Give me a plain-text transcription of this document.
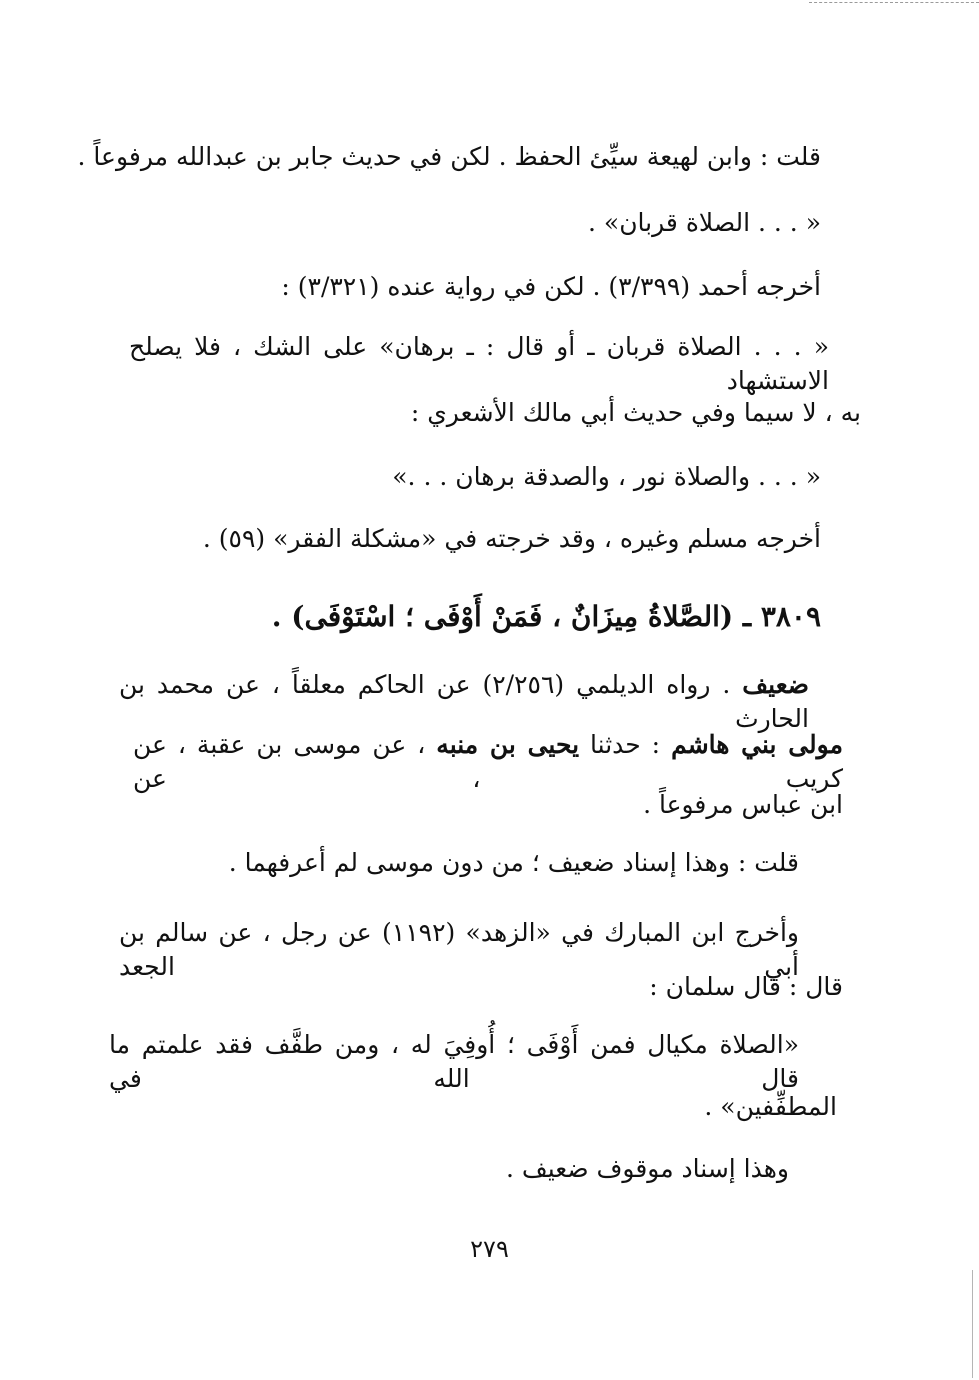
قلت : وابن لهيعة سيِّئ الحفظ . لكن في حديث جابر بن عبدالله مرفوعاً .
« . . . الصلاة قربان» .
أخرجه أحمد (٣/٣٩٩) . لكن في رواية عنده (٣/٣٢١) :
« . . . الصلاة قربان ـ أو قال : ـ برهان» على الشك ، فلا يصلح الاستشهاد
به ، لا سيما وفي حديث أبي مالك الأشعري :
« . . . والصلاة نور ، والصدقة برهان . . .»
أخرجه مسلم وغيره ، وقد خرجته في «مشكلة الفقر» (٥٩) .
٣٨٠٩ ـ (الصَّلاةُ مِيزَانٌ ، فَمَنْ أَوْفَى ؛ اسْتَوْفَى) .
ضعيف . رواه الديلمي (٢/٢٥٦) عن الحاكم معلقاً ، عن محمد بن الحارث
مولى بني هاشم : حدثنا يحيى بن منبه ، عن موسى بن عقبة ، عن كريب ، عن
ابن عباس مرفوعاً .
قلت : وهذا إسناد ضعيف ؛ من دون موسى لم أعرفهما .
وأخرج ابن المبارك في «الزهد» (١١٩٢) عن رجل ، عن سالم بن أبي الجعد
قال : قال سلمان :
«الصلاة مكيال فمن أَوْفَى ؛ أُوفِيَ له ، ومن طفَّف فقد علمتم ما قال الله في
المطفِّفين» .
وهذا إسناد موقوف ضعيف .
٢٧٩
